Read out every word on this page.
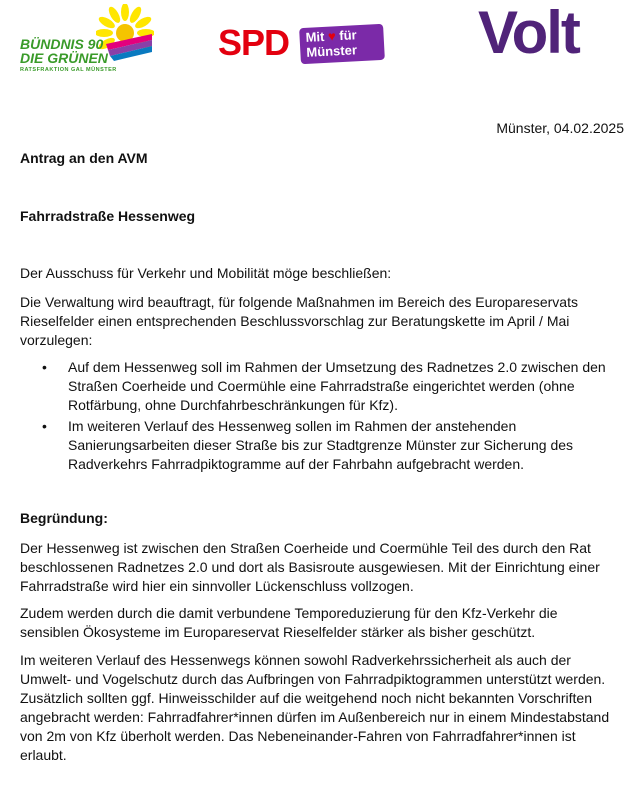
BÜNDNIS 90
DIE GRÜNEN
RATSFRAKTION GAL MÜNSTER
SPD Mit ♥ für
Münster Volt
Münster, 04.02.2025
Antrag an den AVM
Fahrradstraße Hessenweg
Der Ausschuss für Verkehr und Mobilität möge beschließen:
Die Verwaltung wird beauftragt, für folgende Maßnahmen im Bereich des Europareservats Rieselfelder einen entsprechenden Beschlussvorschlag zur Beratungskette im April / Mai vorzulegen:
• Auf dem Hessenweg soll im Rahmen der Umsetzung des Radnetzes 2.0 zwischen den Straßen Coerheide und Coermühle eine Fahrradstraße eingerichtet werden (ohne Rotfärbung, ohne Durchfahrbeschränkungen für Kfz).
• Im weiteren Verlauf des Hessenweg sollen im Rahmen der anstehenden Sanierungsarbeiten dieser Straße bis zur Stadtgrenze Münster zur Sicherung des Radverkehrs Fahrradpiktogramme auf der Fahrbahn aufgebracht werden.
Begründung:
Der Hessenweg ist zwischen den Straßen Coerheide und Coermühle Teil des durch den Rat beschlossenen Radnetzes 2.0 und dort als Basisroute ausgewiesen. Mit der Einrichtung einer Fahrradstraße wird hier ein sinnvoller Lückenschluss vollzogen.
Zudem werden durch die damit verbundene Temporeduzierung für den Kfz-Verkehr die sensiblen Ökosysteme im Europareservat Rieselfelder stärker als bisher geschützt.
Im weiteren Verlauf des Hessenwegs können sowohl Radverkehrssicherheit als auch der Umwelt- und Vogelschutz durch das Aufbringen von Fahrradpiktogrammen unterstützt werden. Zusätzlich sollten ggf. Hinweisschilder auf die weitgehend noch nicht bekannten Vorschriften angebracht werden: Fahrradfahrer*innen dürfen im Außenbereich nur in einem Mindestabstand von 2m von Kfz überholt werden. Das Nebeneinander-Fahren von Fahrradfahrer*innen ist erlaubt.
